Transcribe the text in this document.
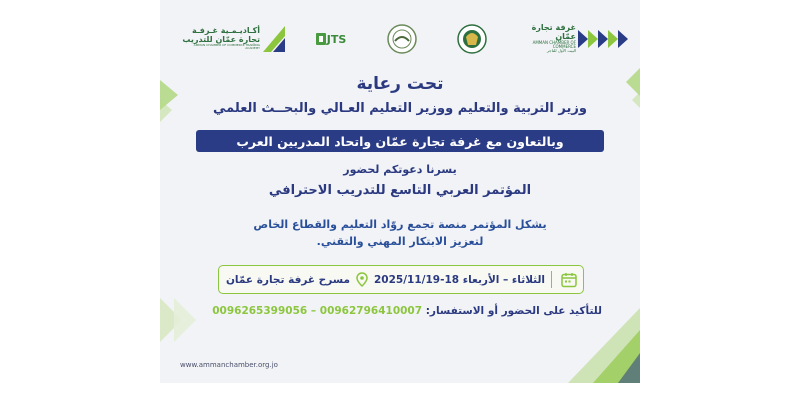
غرفة تجارة عمّان
AMMAN CHAMBER OF COMMERCE
البيت الأول للتاجر
JTS
أكـاديـمـية غـرفـة
تجارة عمّان للتدريب
AMMAN CHAMBER OF COMMERCE TRAINING ACADEMY
تحت رعاية
وزير التربية والتعليم ووزير التعليم العـالي والبحــث العلمي
وبالتعاون مع غرفة تجارة عمّان واتحاد المدربين العرب
يسرنا دعوتكم لحضور
المؤتمر العربي التاسع للتدريب الاحترافي
يشكل المؤتمر منصة تجمع روّاد التعليم والقطاع الخاص
لتعزيز الابتكار المهني والتقني.
الثلاثاء – الأربعاء 18-2025/11/19
مسرح غرفة تجارة عمّان
0096265399056 – 00962796410007 للتأكيد على الحضور أو الاستفسار:
www.ammanchamber.org.jo
